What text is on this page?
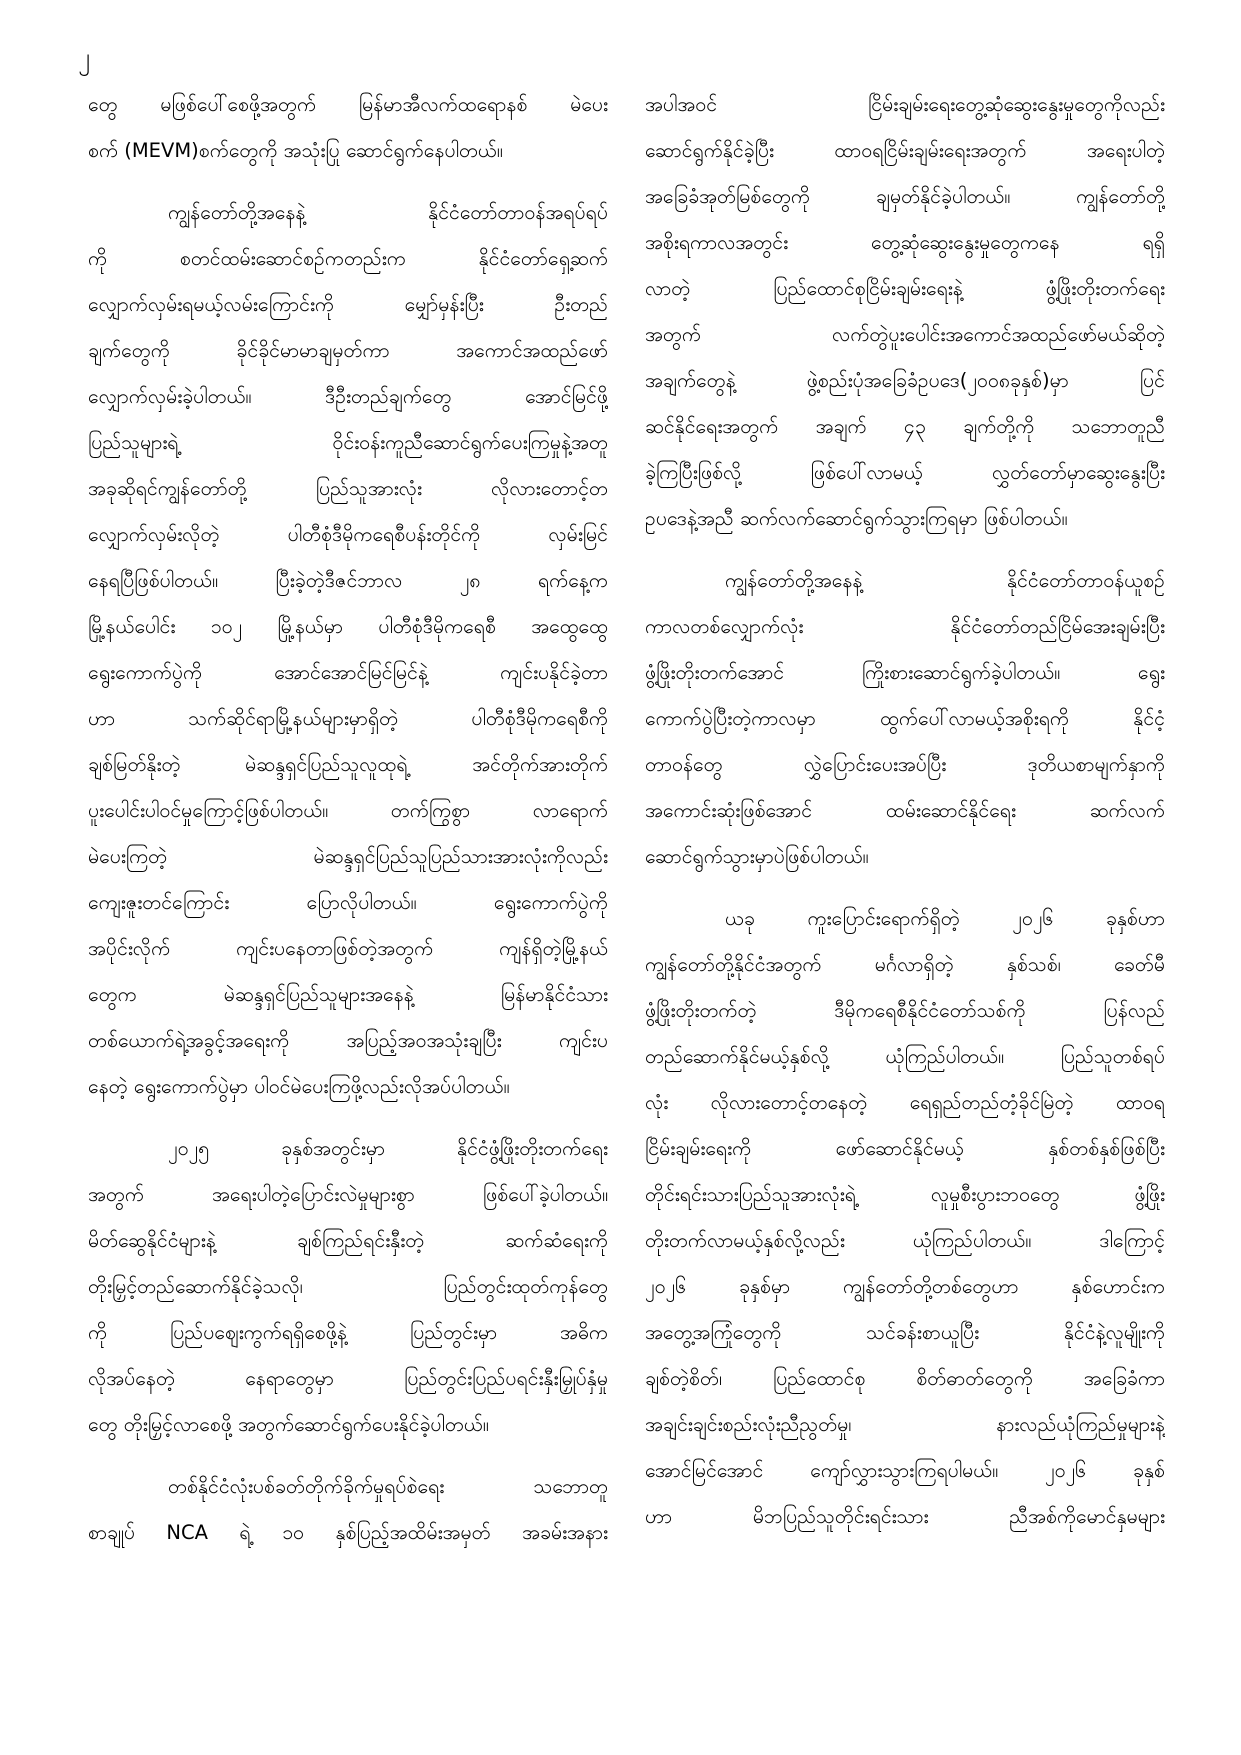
၂
တွေ မဖြစ်ပေါ်စေဖို့အတွက် မြန်မာအီလက်ထရောနစ် မဲပေး
စက် (MEVM)စက်တွေကို အသုံးပြု ဆောင်ရွက်နေပါတယ်။
ကျွန်တော်တို့အနေနဲ့ နိုင်ငံတော်တာဝန်အရပ်ရပ်
ကို စတင်ထမ်းဆောင်စဉ်ကတည်းက နိုင်ငံတော်ရှေ့ဆက်
လျှောက်လှမ်းရမယ့်လမ်းကြောင်းကို မျှော်မှန်းပြီး ဦးတည်
ချက်တွေကို ခိုင်ခိုင်မာမာချမှတ်ကာ အကောင်အထည်ဖော်
လျှောက်လှမ်းခဲ့ပါတယ်။ ဒီဦးတည်ချက်တွေ အောင်မြင်ဖို့
ပြည်သူများရဲ့ ဝိုင်းဝန်းကူညီဆောင်ရွက်ပေးကြမှုနဲ့အတူ
အခုဆိုရင်ကျွန်တော်တို့ ပြည်သူအားလုံး လိုလားတောင့်တ
လျှောက်လှမ်းလိုတဲ့ ပါတီစုံဒီမိုကရေစီပန်းတိုင်ကို လှမ်းမြင်
နေရပြီဖြစ်ပါတယ်။ ပြီးခဲ့တဲ့ဒီဇင်ဘာလ ၂၈ ရက်နေ့က
မြို့နယ်ပေါင်း ၁၀၂ မြို့နယ်မှာ ပါတီစုံဒီမိုကရေစီ အထွေထွေ
ရွေးကောက်ပွဲကို အောင်အောင်မြင်မြင်နဲ့ ကျင်းပနိုင်ခဲ့တာ
ဟာ သက်ဆိုင်ရာမြို့နယ်များမှာရှိတဲ့ ပါတီစုံဒီမိုကရေစီကို
ချစ်မြတ်နိုးတဲ့ မဲဆန္ဒရှင်ပြည်သူလူထုရဲ့ အင်တိုက်အားတိုက်
ပူးပေါင်းပါဝင်မှုကြောင့်ဖြစ်ပါတယ်။ တက်ကြွစွာ လာရောက်
မဲပေးကြတဲ့ မဲဆန္ဒရှင်ပြည်သူပြည်သားအားလုံးကိုလည်း
ကျေးဇူးတင်ကြောင်း ပြောလိုပါတယ်။ ရွေးကောက်ပွဲကို
အပိုင်းလိုက် ကျင်းပနေတာဖြစ်တဲ့အတွက် ကျန်ရှိတဲ့မြို့နယ်
တွေက မဲဆန္ဒရှင်ပြည်သူများအနေနဲ့ မြန်မာနိုင်ငံသား
တစ်ယောက်ရဲ့အခွင့်အရေးကို အပြည့်အဝအသုံးချပြီး ကျင်းပ
နေတဲ့ ရွေးကောက်ပွဲမှာ ပါဝင်မဲပေးကြဖို့လည်းလိုအပ်ပါတယ်။
၂၀၂၅ ခုနှစ်အတွင်းမှာ နိုင်ငံဖွံ့ဖြိုးတိုးတက်ရေး
အတွက် အရေးပါတဲ့ပြောင်းလဲမှုများစွာ ဖြစ်ပေါ်ခဲ့ပါတယ်။
မိတ်ဆွေနိုင်ငံများနဲ့ ချစ်ကြည်ရင်းနှီးတဲ့ ဆက်ဆံရေးကို
တိုးမြှင့်တည်ဆောက်နိုင်ခဲ့သလို၊ ပြည်တွင်းထုတ်ကုန်တွေ
ကို ပြည်ပဈေးကွက်ရရှိစေဖို့နဲ့ ပြည်တွင်းမှာ အဓိက
လိုအပ်နေတဲ့ နေရာတွေမှာ ပြည်တွင်းပြည်ပရင်းနှီးမြှုပ်နှံမှု
တွေ တိုးမြှင့်လာစေဖို့ အတွက်ဆောင်ရွက်ပေးနိုင်ခဲ့ပါတယ်။
တစ်နိုင်ငံလုံးပစ်ခတ်တိုက်ခိုက်မှုရပ်စဲရေး သဘောတူ
စာချုပ် NCA ရဲ့ ၁၀ နှစ်ပြည့်အထိမ်းအမှတ် အခမ်းအနား
အပါအဝင် ငြိမ်းချမ်းရေးတွေ့ဆုံဆွေးနွေးမှုတွေကိုလည်း
ဆောင်ရွက်နိုင်ခဲ့ပြီး ထာဝရငြိမ်းချမ်းရေးအတွက် အရေးပါတဲ့
အခြေခံအုတ်မြစ်တွေကို ချမှတ်နိုင်ခဲ့ပါတယ်။ ကျွန်တော်တို့
အစိုးရကာလအတွင်း တွေ့ဆုံဆွေးနွေးမှုတွေကနေ ရရှိ
လာတဲ့ ပြည်ထောင်စုငြိမ်းချမ်းရေးနဲ့ ဖွံ့ဖြိုးတိုးတက်ရေး
အတွက် လက်တွဲပူးပေါင်းအကောင်အထည်ဖော်မယ်ဆိုတဲ့
အချက်တွေနဲ့ ဖွဲ့စည်းပုံအခြေခံဥပဒေ(၂၀၀၈ခုနှစ်)မှာ ပြင်
ဆင်နိုင်ရေးအတွက် အချက် ၄၃ ချက်တို့ကို သဘောတူညီ
ခဲ့ကြပြီးဖြစ်လို့ ဖြစ်ပေါ်လာမယ့် လွှတ်တော်မှာဆွေးနွေးပြီး
ဥပဒေနဲ့အညီ ဆက်လက်ဆောင်ရွက်သွားကြရမှာ ဖြစ်ပါတယ်။
ကျွန်တော်တို့အနေနဲ့ နိုင်ငံတော်တာဝန်ယူစဉ်
ကာလတစ်လျှောက်လုံး နိုင်ငံတော်တည်ငြိမ်အေးချမ်းပြီး
ဖွံ့ဖြိုးတိုးတက်အောင် ကြိုးစားဆောင်ရွက်ခဲ့ပါတယ်။ ရွေး
ကောက်ပွဲပြီးတဲ့ကာလမှာ ထွက်ပေါ်လာမယ့်အစိုးရကို နိုင်ငံ့
တာဝန်တွေ လွှဲပြောင်းပေးအပ်ပြီး ဒုတိယစာမျက်နှာကို
အကောင်းဆုံးဖြစ်အောင် ထမ်းဆောင်နိုင်ရေး ဆက်လက်
ဆောင်ရွက်သွားမှာပဲဖြစ်ပါတယ်။
ယခု ကူးပြောင်းရောက်ရှိတဲ့ ၂၀၂၆ ခုနှစ်ဟာ
ကျွန်တော်တို့နိုင်ငံအတွက် မင်္ဂလာရှိတဲ့ နှစ်သစ်၊ ခေတ်မီ
ဖွံ့ဖြိုးတိုးတက်တဲ့ ဒီမိုကရေစီနိုင်ငံတော်သစ်ကို ပြန်လည်
တည်ဆောက်နိုင်မယ့်နှစ်လို့ ယုံကြည်ပါတယ်။ ပြည်သူတစ်ရပ်
လုံး လိုလားတောင့်တနေတဲ့ ရေရှည်တည်တံ့ခိုင်မြဲတဲ့ ထာဝရ
ငြိမ်းချမ်းရေးကို ဖော်ဆောင်နိုင်မယ့် နှစ်တစ်နှစ်ဖြစ်ပြီး
တိုင်းရင်းသားပြည်သူအားလုံးရဲ့ လူမှုစီးပွားဘဝတွေ ဖွံ့ဖြိုး
တိုးတက်လာမယ့်နှစ်လို့လည်း ယုံကြည်ပါတယ်။ ဒါကြောင့်
၂၀၂၆ ခုနှစ်မှာ ကျွန်တော်တို့တစ်တွေဟာ နှစ်ဟောင်းက
အတွေ့အကြုံတွေကို သင်ခန်းစာယူပြီး နိုင်ငံနဲ့လူမျိုးကို
ချစ်တဲ့စိတ်၊ ပြည်ထောင်စု စိတ်ဓာတ်တွေကို အခြေခံကာ
အချင်းချင်းစည်းလုံးညီညွတ်မှု၊ နားလည်ယုံကြည်မှုများနဲ့
အောင်မြင်အောင် ကျော်လွှားသွားကြရပါမယ်။ ၂၀၂၆ ခုနှစ်
ဟာ မိဘပြည်သူတိုင်းရင်းသား ညီအစ်ကိုမောင်နှမများ
